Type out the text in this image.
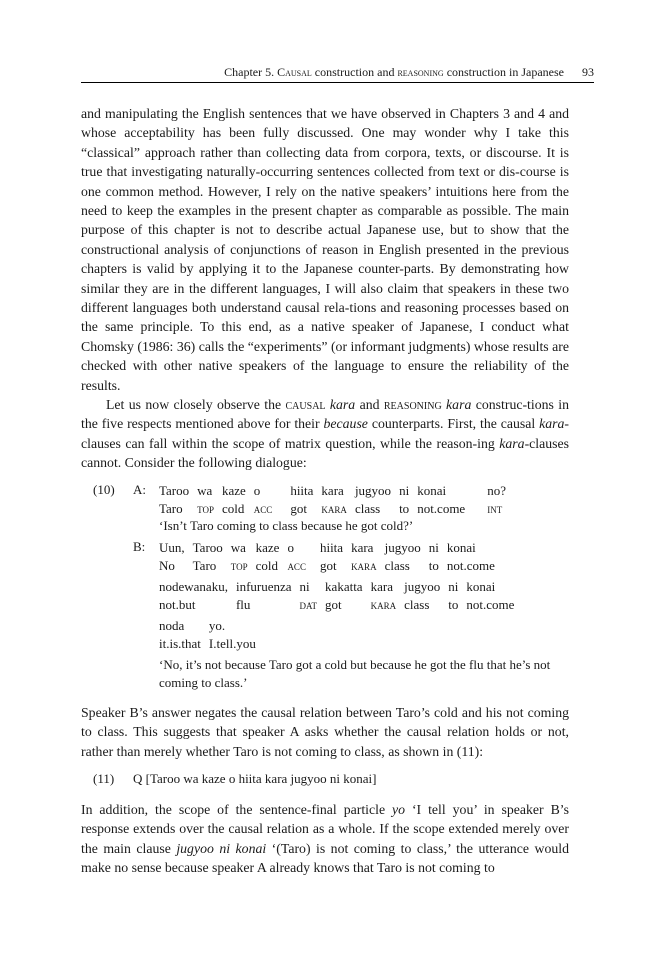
Chapter 5. Causal construction and reasoning construction in Japanese 93

and manipulating the English sentences that we have observed in Chapters 3 and 4 and whose acceptability has been fully discussed. One may wonder why I take this “classical” approach rather than collecting data from corpora, texts, or discourse. It is true that investigating naturally-occurring sentences collected from text or dis-course is one common method. However, I rely on the native speakers’ intuitions here from the need to keep the examples in the present chapter as comparable as possible. The main purpose of this chapter is not to describe actual Japanese use, but to show that the constructional analysis of conjunctions of reason in English presented in the previous chapters is valid by applying it to the Japanese counter-parts. By demonstrating how similar they are in the different languages, I will also claim that speakers in these two different languages both understand causal rela-tions and reasoning processes based on the same principle. To this end, as a native speaker of Japanese, I conduct what Chomsky (1986: 36) calls the “experiments” (or informant judgments) whose results are checked with other native speakers of the language to ensure the reliability of the results.

Let us now closely observe the causal kara and reasoning kara construc-tions in the five respects mentioned above for their because counterparts. First, the causal kara-clauses can fall within the scope of matrix question, while the reason-ing kara-clauses cannot. Consider the following dialogue:

(10) A: Taroo	wa	kaze	o	hiita	kara	jugyoo	ni	konai	no?
Taro	top	cold	acc	got	kara	class	to	not.come	int
‘Isn’t Taro coming to class because he got cold?’
B: Uun,	Taroo	wa	kaze	o	hiita	kara	jugyoo	ni	konai
No	Taro	top	cold	acc	got	kara	class	to	not.come
nodewanaku,	infuruenza	ni	kakatta	kara	jugyoo	ni	konai
not.but	flu	dat	got	kara	class	to	not.come
noda	yo.
it.is.that	I.tell.you
‘No, it’s not because Taro got a cold but because he got the flu that he’s not coming to class.’

Speaker B’s answer negates the causal relation between Taro’s cold and his not coming to class. This suggests that speaker A asks whether the causal relation holds or not, rather than merely whether Taro is not coming to class, as shown in (11):

(11) Q [Taroo wa kaze o hiita kara jugyoo ni konai]

In addition, the scope of the sentence-final particle yo ‘I tell you’ in speaker B’s response extends over the causal relation as a whole. If the scope extended merely over the main clause jugyoo ni konai ‘(Taro) is not coming to class,’ the utterance would make no sense because speaker A already knows that Taro is not coming to
